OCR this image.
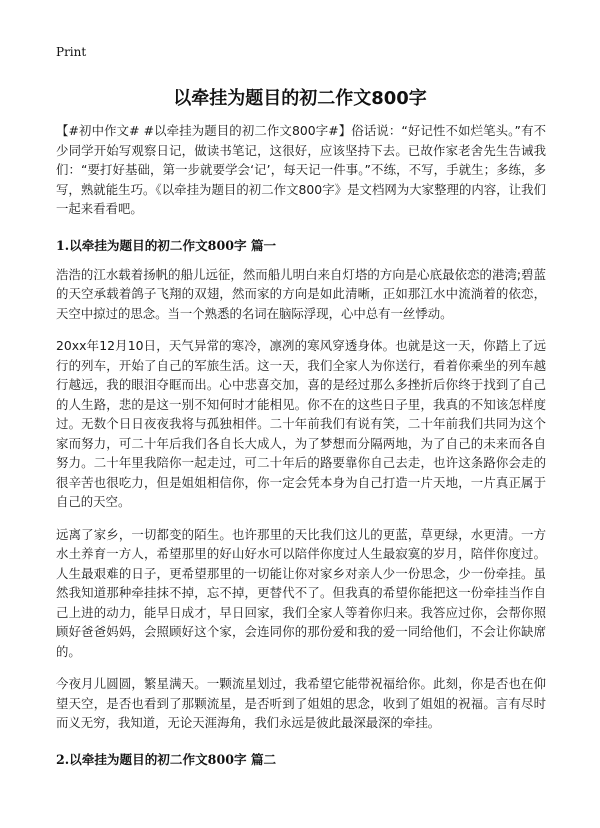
Print
以牵挂为题目的初二作文800字

【#初中作文# #以牵挂为题目的初二作文800字#】俗话说：“好记性不如烂笔头。”有不少同学开始写观察日记，做读书笔记，这很好，应该坚持下去。已故作家老舍先生告诫我们：“要打好基础，第一步就要学会‘记’，每天记一件事。”不练，不写，手就生；多练，多写，熟就能生巧。《以牵挂为题目的初二作文800字》是文档网为大家整理的内容，让我们一起来看看吧。

1.以牵挂为题目的初二作文800字 篇一

浩浩的江水载着扬帆的船儿远征，然而船儿明白来自灯塔的方向是心底最依恋的港湾;碧蓝的天空承载着鸽子飞翔的双翅，然而家的方向是如此清晰，正如那江水中流淌着的依恋，天空中掠过的思念。当一个熟悉的名词在脑际浮现，心中总有一丝悸动。

20xx年12月10日，天气异常的寒冷，凛冽的寒风穿透身体。也就是这一天，你踏上了远行的列车，开始了自己的军旅生活。这一天，我们全家人为你送行，看着你乘坐的列车越行越远，我的眼泪夺眶而出。心中悲喜交加，喜的是经过那么多挫折后你终于找到了自己的人生路，悲的是这一别不知何时才能相见。你不在的这些日子里，我真的不知该怎样度过。无数个日日夜夜我将与孤独相伴。二十年前我们有说有笑，二十年前我们共同为这个家而努力，可二十年后我们各自长大成人，为了梦想而分隔两地，为了自己的未来而各自努力。二十年里我陪你一起走过，可二十年后的路要靠你自己去走，也许这条路你会走的很辛苦也很吃力，但是姐姐相信你，你一定会凭本身为自己打造一片天地，一片真正属于自己的天空。

远离了家乡，一切都变的陌生。也许那里的天比我们这儿的更蓝，草更绿，水更清。一方水土养育一方人，希望那里的好山好水可以陪伴你度过人生最寂寞的岁月，陪伴你度过。人生最艰难的日子，更希望那里的一切能让你对家乡对亲人少一份思念，少一份牵挂。虽然我知道那种牵挂抹不掉，忘不掉，更替代不了。但我真的希望你能把这一份牵挂当作自己上进的动力，能早日成才，早日回家，我们全家人等着你归来。我答应过你，会帮你照顾好爸爸妈妈，会照顾好这个家，会连同你的那份爱和我的爱一同给他们，不会让你缺席的。

今夜月儿圆圆，繁星满天。一颗流星划过，我希望它能带祝福给你。此刻，你是否也在仰望天空，是否也看到了那颗流星，是否听到了姐姐的思念，收到了姐姐的祝福。言有尽时而义无穷，我知道，无论天涯海角，我们永远是彼此最深最深的牵挂。

2.以牵挂为题目的初二作文800字 篇二
